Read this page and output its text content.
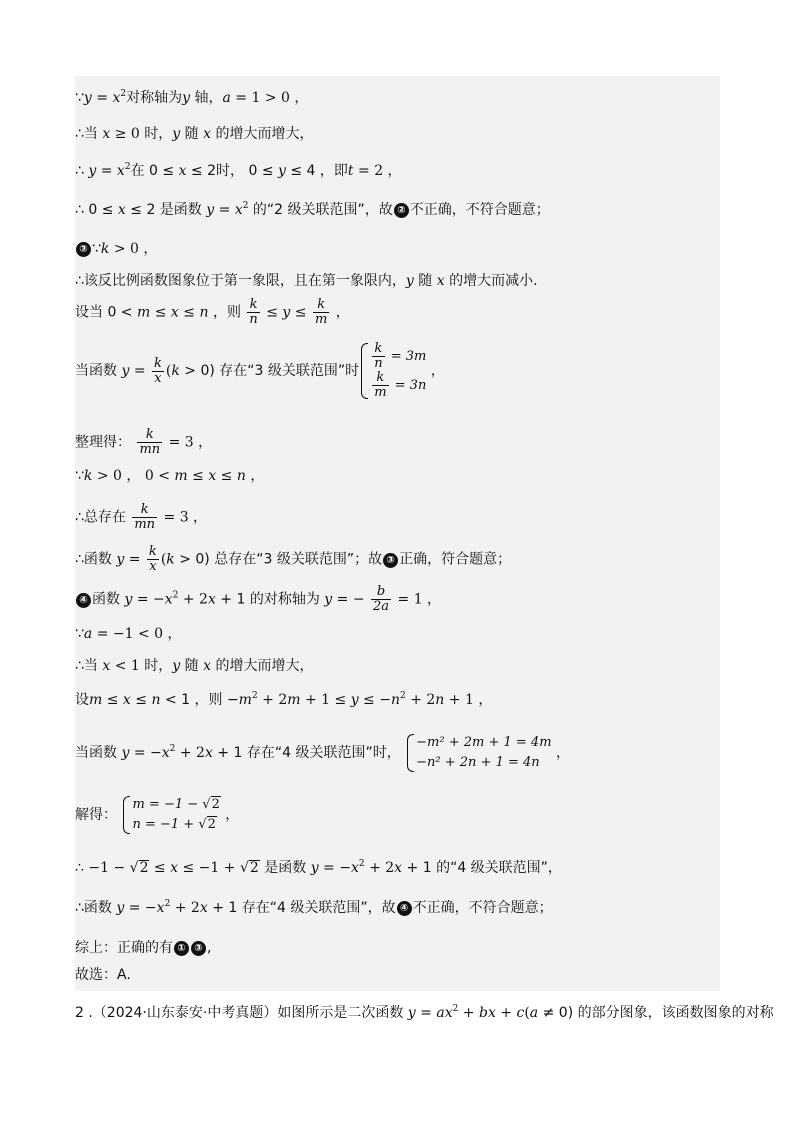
∵y = $x^2$对称轴为y 轴，a = 1 > 0 ，
∴当 x ≥ 0 时，y 随 x 的增大而增大，
∴ $y = x^2$在 0 ≤ x ≤ 2时， 0 ≤ y ≤ 4 ，即t = 2 ，
∴ 0 ≤ x ≤ 2 是函数 $y = x^2$ 的“2 级关联范围”，故 ② 不正确，不符合题意；
③ ∵k > 0 ，
∴该反比例函数图象位于第一象限，且在第一象限内，y 随 x 的增大而减小.
设当 0 < m ≤ x ≤ n ，则 $\frac{k}{n} \le y \le \frac{k}{m}$ ，
当函数 $y = \frac{k}{x} (k > 0)$ 存在“3 级关联范围”时 $\frac{k}{n} = 3m$
$\frac{k}{m} = 3n$
，
整理得： $\frac{k}{mn} = 3$ ，
∵k > 0 ， 0 < m ≤ x ≤ n ，
∴总存在 $\frac{k}{mn} = 3$ ，
∴函数 $y = \frac{k}{x} (k > 0)$ 总存在“3 级关联范围”；故 ③ 正确，符合题意；
④ 函数 $y = -x^2 + 2x + 1$ 的对称轴为 y = − $\frac{b}{2a} = 1$ ，
∵a = −1 < 0 ，
∴当 x < 1 时，y 随 x 的增大而增大，
设m ≤ x ≤ n < 1 ，则 $-m^2 + 2m + 1 \le y \le -n^2 + 2n + 1$ ，
当函数 $y = -x^2 + 2x + 1$ 存在“4 级关联范围”时，
−m² + 2m + 1 = 4m
−n² + 2n + 1 = 4n
，
解得：
m = −1 − √2
n = −1 + √2
，
∴ −1 − √2 ≤ x ≤ −1 + √2 是函数 $y = -x^2 + 2x + 1$ 的“4 级关联范围”，
∴函数 $y = -x^2 + 2x + 1$ 存在“4 级关联范围”，故 ④ 不正确，不符合题意；
综上：正确的有 ① ③ ,
故选：A.
2 .（2024·山东泰安·中考真题）如图所示是二次函数 $y = ax^2$ + bx + c(a ≠ 0) 的部分图象，该函数图象的对称
